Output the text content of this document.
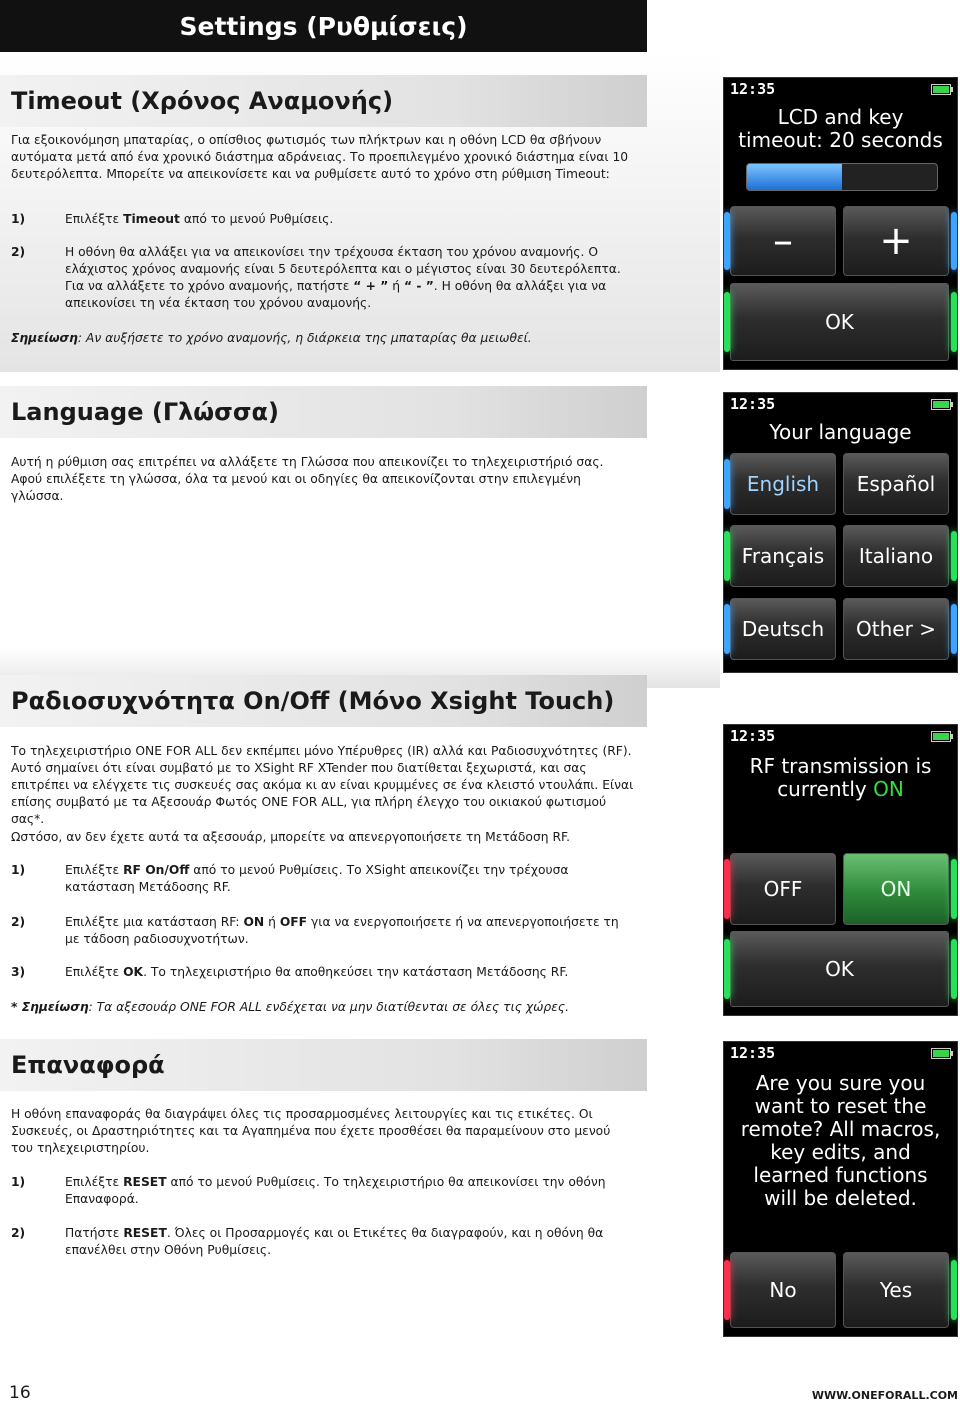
Settings (Ρυθμίσεις)
Timeout (Χρόνος Αναμονής)

Για εξοικονόμηση μπαταρίας, ο οπίσθιος φωτισμός των πλήκτρων και η οθόνη LCD θα σβήνουν αυτόματα μετά από ένα χρονικό διάστημα αδράνειας. Το προεπιλεγμένο χρονικό διάστημα είναι 10 δευτερόλεπτα. Μπορείτε να απεικονίσετε και να ρυθμίσετε αυτό το χρόνο στη ρύθμιση Timeout:

1)	Επιλέξτε Timeout από το μενού Ρυθμίσεις.
2)	Η οθόνη θα αλλάξει για να απεικονίσει την τρέχουσα έκταση του χρόνου αναμονής. Ο ελάχιστος χρόνος αναμονής είναι 5 δευτερόλεπτα και ο μέγιστος είναι 30 δευτερόλεπτα. Για να αλλάξετε το χρόνο αναμονής, πατήστε “ + ” ή “ - ”. Η οθόνη θα αλλάξει για να απεικονίσει τη νέα έκταση του χρόνου αναμονής.
Σημείωση: Αν αυξήσετε το χρόνο αναμονής, η διάρκεια της μπαταρίας θα μειωθεί.
Language (Γλώσσα)

Αυτή η ρύθμιση σας επιτρέπει να αλλάξετε τη Γλώσσα που απεικονίζει το τηλεχειριστήριό σας. Αφού επιλέξετε τη γλώσσα, όλα τα μενού και οι οδηγίες θα απεικονίζονται στην επιλεγμένη γλώσσα.

Ραδιοσυχνότητα On/Off (Μόνο Xsight Touch)

Το τηλεχειριστήριο ONE FOR ALL δεν εκπέμπει μόνο Υπέρυθρες (IR) αλλά και Ραδιοσυχνότητες (RF). Αυτό σημαίνει ότι είναι συμβατό με το XSight RF XTender που διατίθεται ξεχωριστά, και σας επιτρέπει να ελέγχετε τις συσκευές σας ακόμα κι αν είναι κρυμμένες σε ένα κλειστό ντουλάπι. Είναι επίσης συμβατό με τα Αξεσουάρ Φωτός ONE FOR ALL, για πλήρη έλεγχο του οικιακού φωτισμού σας*.

Ωστόσο, αν δεν έχετε αυτά τα αξεσουάρ, μπορείτε να απενεργοποιήσετε τη Μετάδοση RF.

1)	Επιλέξτε RF On/Off από το μενού Ρυθμίσεις. Το XSight απεικονίζει την τρέχουσα κατάσταση Μετάδοσης RF.
2)	Επιλέξτε μια κατάσταση RF: ON ή OFF για να ενεργοποιήσετε ή να απενεργοποιήσετε τη με τάδοση ραδιοσυχνοτήτων.
3)	Επιλέξτε OK. Το τηλεχειριστήριο θα αποθηκεύσει την κατάσταση Μετάδοσης RF.
* Σημείωση: Τα αξεσουάρ ONE FOR ALL ενδέχεται να μην διατίθενται σε όλες τις χώρες.
Επαναφορά

Η οθόνη επαναφοράς θα διαγράψει όλες τις προσαρμοσμένες λειτουργίες και τις ετικέτες. Οι Συσκευές, οι Δραστηριότητες και τα Αγαπημένα που έχετε προσθέσει θα παραμείνουν στο μενού του τηλεχειριστηρίου.

1)	Επιλέξτε RESET από το μενού Ρυθμίσεις. Το τηλεχειριστήριο θα απεικονίσει την οθόνη Επαναφορά.
2)	Πατήστε RESET. Όλες οι Προσαρμογές και οι Ετικέτες θα διαγραφούν, και η οθόνη θα επανέλθει στην Οθόνη Ρυθμίσεις.
12:35
LCD and key
timeout: 20 seconds
– +
OK
12:35
Your language
English Español
Français Italiano
Deutsch Other >
12:35
RF transmission is
currently ON
OFF	ON
OK
12:35
Are you sure you
want to reset the
remote? All macros,
key edits, and
learned functions
will be deleted.
No	Yes
16	WWW.ONEFORALL.COM
